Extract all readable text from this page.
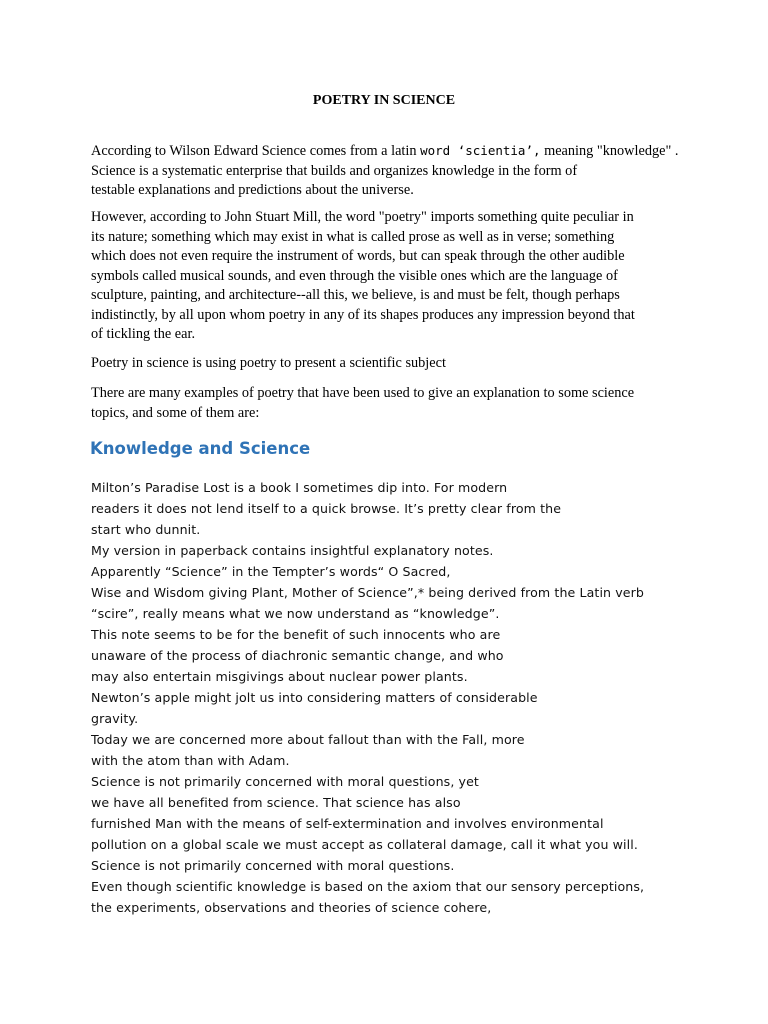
POETRY IN SCIENCE

According to Wilson Edward Science comes from a latin word ‘scientia’, meaning "knowledge" .
Science is a systematic enterprise that builds and organizes knowledge in the form of
testable explanations and predictions about the universe.

However, according to John Stuart Mill, the word "poetry" imports something quite peculiar in
its nature; something which may exist in what is called prose as well as in verse; something
which does not even require the instrument of words, but can speak through the other audible
symbols called musical sounds, and even through the visible ones which are the language of
sculpture, painting, and architecture--all this, we believe, is and must be felt, though perhaps
indistinctly, by all upon whom poetry in any of its shapes produces any impression beyond that
of tickling the ear.

Poetry in science is using poetry to present a scientific subject

There are many examples of poetry that have been used to give an explanation to some science
topics, and some of them are:

Knowledge and Science
Milton’s Paradise Lost is a book I sometimes dip into. For modern
readers it does not lend itself to a quick browse. It’s pretty clear from the
start who dunnit.
My version in paperback contains insightful explanatory notes.
Apparently “Science” in the Tempter’s words“ O Sacred,
Wise and Wisdom giving Plant, Mother of Science”,* being derived from the Latin verb
“scire”, really means what we now understand as “knowledge”.
This note seems to be for the benefit of such innocents who are
unaware of the process of diachronic semantic change, and who
may also entertain misgivings about nuclear power plants.
Newton’s apple might jolt us into considering matters of considerable
gravity.
Today we are concerned more about fallout than with the Fall, more
with the atom than with Adam.
Science is not primarily concerned with moral questions, yet
we have all benefited from science. That science has also
furnished Man with the means of self-extermination and involves environmental
pollution on a global scale we must accept as collateral damage, call it what you will.
Science is not primarily concerned with moral questions.
Even though scientific knowledge is based on the axiom that our sensory perceptions,
the experiments, observations and theories of science cohere,
